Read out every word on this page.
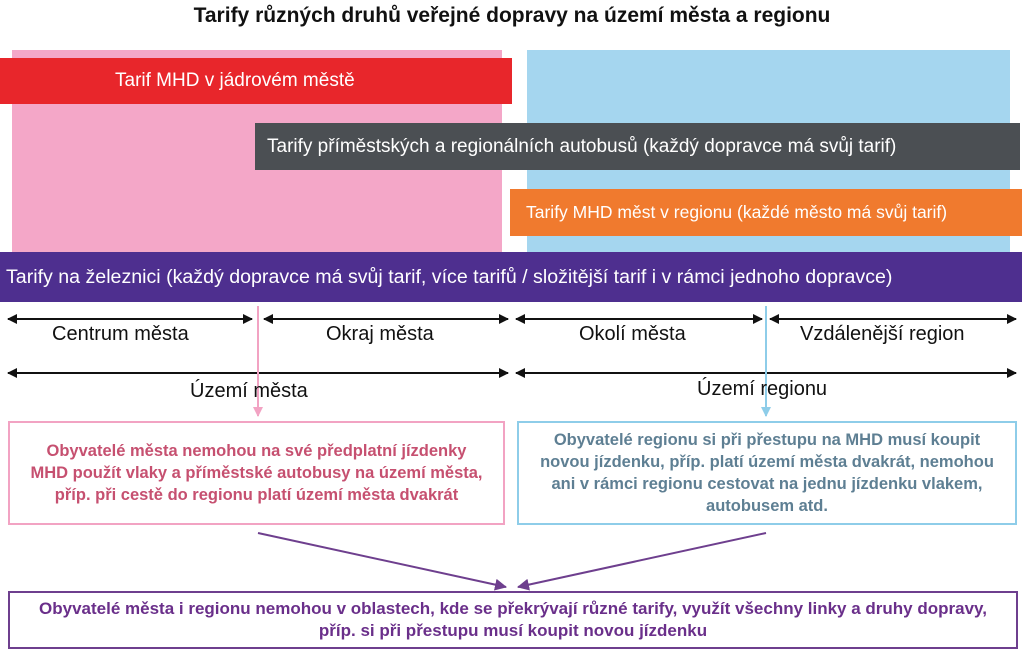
Tarify různých druhů veřejné dopravy na území města a regionu
Tarif MHD v jádrovém městě
Tarify příměstských a regionálních autobusů (každý dopravce má svůj tarif)
Tarify MHD měst v regionu (každé město má svůj tarif)
Tarify na železnici (každý dopravce má svůj tarif, více tarifů / složitější tarif i v rámci jednoho dopravce)
Centrum města	Okraj města	Okolí města	Vzdálenější region
Území města	Území regionu
Obyvatelé města nemohou na své předplatní jízdenky MHD použít vlaky a příměstské autobusy na území města, příp. při cestě do regionu platí území města dvakrát
Obyvatelé regionu si při přestupu na MHD musí koupit novou jízdenku, příp. platí území města dvakrát, nemohou ani v rámci regionu cestovat na jednu jízdenku vlakem, autobusem atd.
Obyvatelé města i regionu nemohou v oblastech, kde se překrývají různé tarify, využít všechny linky a druhy dopravy, příp. si při přestupu musí koupit novou jízdenku
